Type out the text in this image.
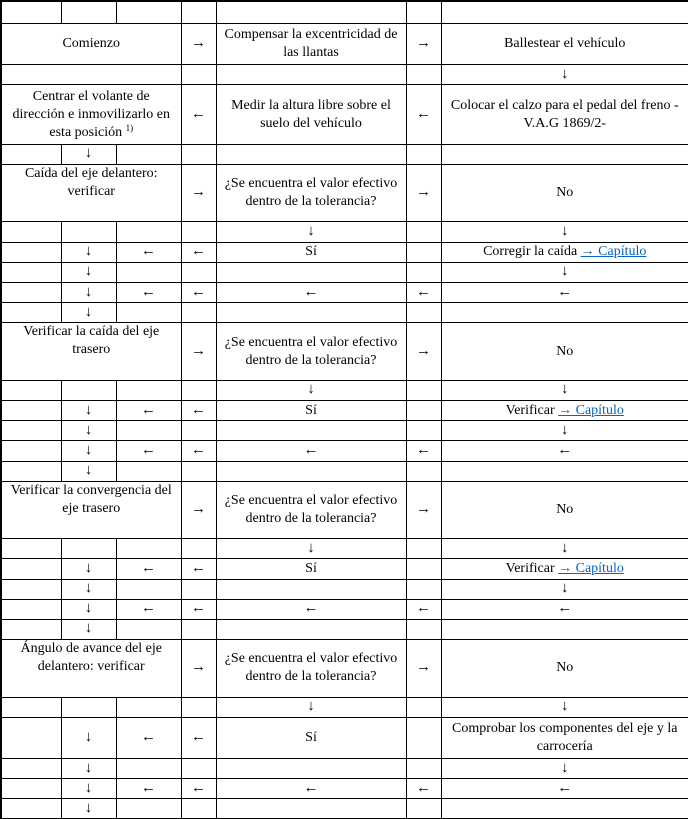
Comienzo			→	Compensar la excentricidad de las llantas	→	Ballestear el vehículo
						↓
Centrar el volante de dirección e inmovilizarlo en esta posición $^{1)}$			←	Medir la altura libre sobre el suelo del vehículo	←	Colocar el calzo para el pedal del freno -V.A.G 1869/2-
	↓					
Caída del eje delantero: verificar			→	¿Se encuentra el valor efectivo dentro de la tolerancia?	→	No
				↓		↓
	↓	←	←	Sí		Corregir la caída → Capítulo
	↓					↓
	↓	←	←	←	←	←
	↓					
Verificar la caída del eje trasero			→	¿Se encuentra el valor efectivo dentro de la tolerancia?	→	No
				↓		↓
	↓	←	←	Sí		Verificar → Capítulo
	↓					↓
	↓	←	←	←	←	←
	↓					
Verificar la convergencia del eje trasero			→	¿Se encuentra el valor efectivo dentro de la tolerancia?	→	No
				↓		↓
	↓	←	←	Sí		Verificar → Capítulo
	↓					↓
	↓	←	←	←	←	←
	↓					
Ángulo de avance del eje delantero: verificar			→	¿Se encuentra el valor efectivo dentro de la tolerancia?	→	No
				↓		↓
	↓	←	←	Sí		Comprobar los componentes del eje y la carrocería
	↓					↓
	↓	←	←	←	←	←
	↓					
